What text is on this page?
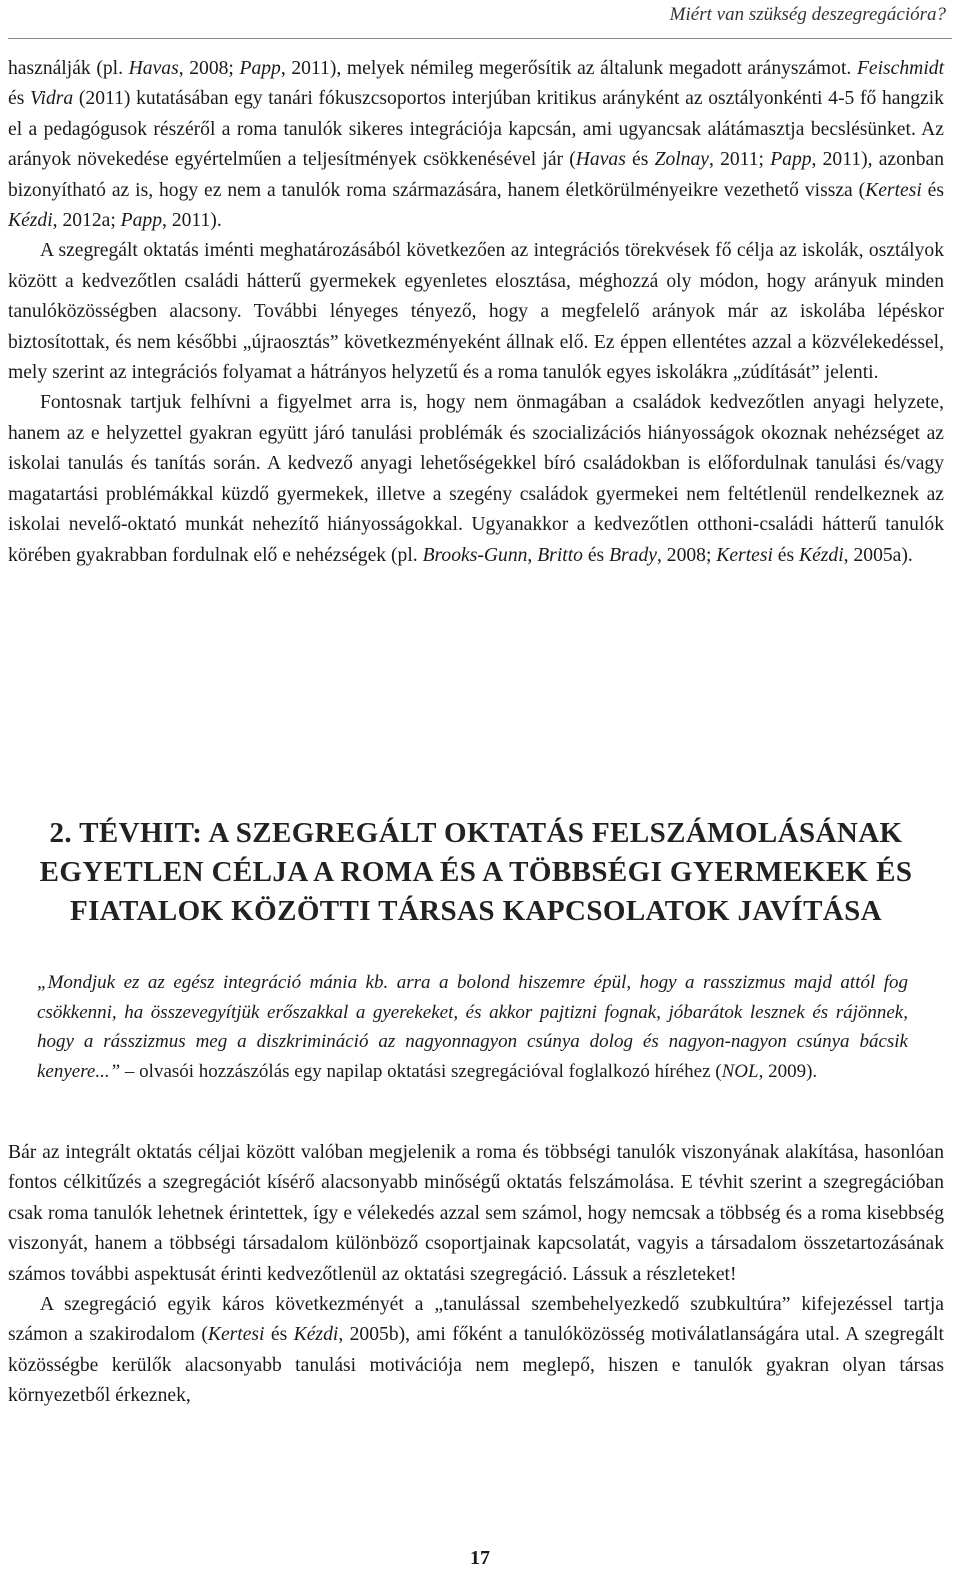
Miért van szükség deszegregációra?

használják (pl. Havas, 2008; Papp, 2011), melyek némileg megerősítik az általunk megadott arányszámot. Feischmidt és Vidra (2011) kutatásában egy tanári fókuszcsoportos interjúban kritikus arányként az osztályonkénti 4-5 fő hangzik el a pedagógusok részéről a roma tanulók sikeres integrációja kapcsán, ami ugyancsak alátámasztja becslésünket. Az arányok növekedése egyértelműen a teljesítmények csökkenésével jár (Havas és Zolnay, 2011; Papp, 2011), azonban bizonyítható az is, hogy ez nem a tanulók roma származására, hanem életkörülményeikre vezethető vissza (Kertesi és Kézdi, 2012a; Papp, 2011).

A szegregált oktatás iménti meghatározásából következően az integrációs törekvések fő célja az iskolák, osztályok között a kedvezőtlen családi hátterű gyermekek egyenletes elosztása, méghozzá oly módon, hogy arányuk minden tanulóközösségben alacsony. További lényeges tényező, hogy a megfelelő arányok már az iskolába lépéskor biztosítottak, és nem későbbi „újraosztás” következményeként állnak elő. Ez éppen ellentétes azzal a közvélekedéssel, mely szerint az integrációs folyamat a hátrányos helyzetű és a roma tanulók egyes iskolákra „zúdítását” jelenti.

Fontosnak tartjuk felhívni a figyelmet arra is, hogy nem önmagában a családok kedvezőtlen anyagi helyzete, hanem az e helyzettel gyakran együtt járó tanulási problémák és szocializációs hiányosságok okoznak nehézséget az iskolai tanulás és tanítás során. A kedvező anyagi lehetőségekkel bíró családokban is előfordulnak tanulási és/vagy magatartási problémákkal küzdő gyermekek, illetve a szegény családok gyermekei nem feltétlenül rendelkeznek az iskolai nevelő-oktató munkát nehezítő hiányosságokkal. Ugyanakkor a kedvezőtlen otthoni-családi hátterű tanulók körében gyakrabban fordulnak elő e nehézségek (pl. Brooks-Gunn, Britto és Brady, 2008; Kertesi és Kézdi, 2005a).

2. TÉVHIT: A SZEGREGÁLT OKTATÁS FELSZÁMOLÁSÁNAK
EGYETLEN CÉLJA A ROMA ÉS A TÖBBSÉGI GYERMEKEK ÉS
FIATALOK KÖZÖTTI TÁRSAS KAPCSOLATOK JAVÍTÁSA

„Mondjuk ez az egész integráció mánia kb. arra a bolond hiszemre épül, hogy a rasszizmus majd attól fog csökkenni, ha összevegyítjük erőszakkal a gyerekeket, és akkor pajtizni fognak, jóbarátok lesznek és rájönnek, hogy a rásszizmus meg a diszkrimináció az nagyonnagyon csúnya dolog és nagyon-nagyon csúnya bácsik kenyere...” – olvasói hozzászólás egy napilap oktatási szegregációval foglalkozó híréhez (NOL, 2009).

Bár az integrált oktatás céljai között valóban megjelenik a roma és többségi tanulók viszonyának alakítása, hasonlóan fontos célkitűzés a szegregációt kísérő alacsonyabb minőségű oktatás felszámolása. E tévhit szerint a szegregációban csak roma tanulók lehetnek érintettek, így e vélekedés azzal sem számol, hogy nemcsak a többség és a roma kisebbség viszonyát, hanem a többségi társadalom különböző csoportjainak kapcsolatát, vagyis a társadalom összetartozásának számos további aspektusát érinti kedvezőtlenül az oktatási szegregáció. Lássuk a részleteket!

A szegregáció egyik káros következményét a „tanulással szembehelyezkedő szubkultúra” kifejezéssel tartja számon a szakirodalom (Kertesi és Kézdi, 2005b), ami főként a tanulóközösség motiválatlanságára utal. A szegregált közösségbe kerülők alacsonyabb tanulási motivációja nem meglepő, hiszen e tanulók gyakran olyan társas környezetből érkeznek,

17
